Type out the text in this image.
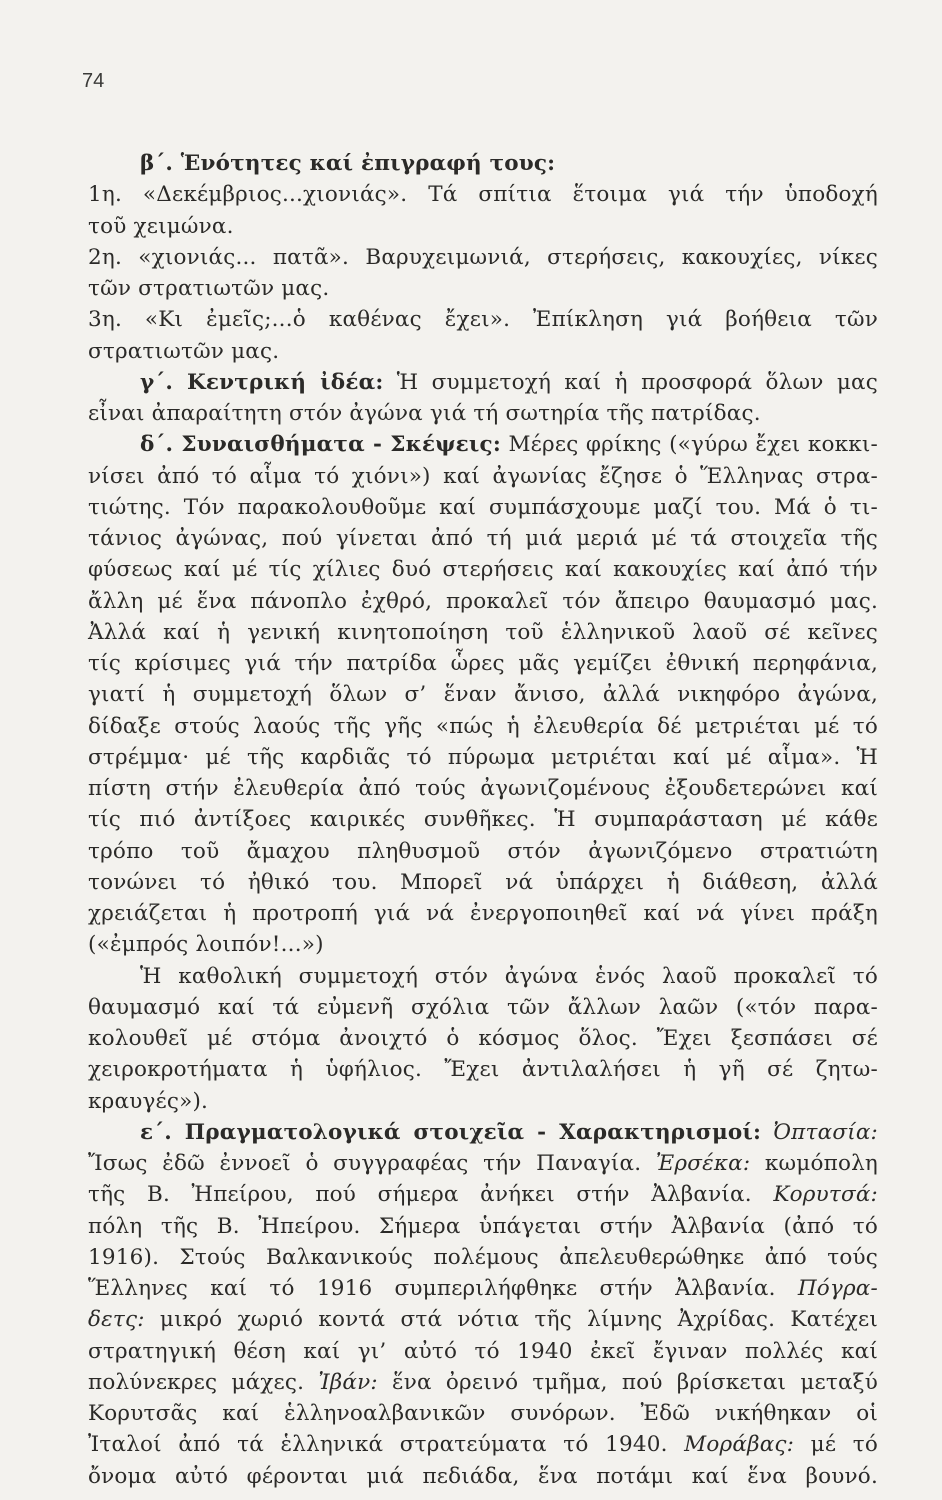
74
β΄. Ἑνότητες καί ἐπιγραφή τους:
1η. «Δεκέμβριος...χιονιάς». Τά σπίτια ἕτοιμα γιά τήν ὑποδοχή
τοῦ χειμώνα.
2η. «χιονιάς... πατᾶ». Βαρυχειμωνιά, στερήσεις, κακουχίες, νίκες
τῶν στρατιωτῶν μας.
3η. «Κι ἐμεῖς;...ὁ καθένας ἔχει». Ἐπίκληση γιά βοήθεια τῶν
στρατιωτῶν μας.
γ΄. Κεντρική ἰδέα: Ἡ συμμετοχή καί ἡ προσφορά ὅλων μας
εἶναι ἀπαραίτητη στόν ἀγώνα γιά τή σωτηρία τῆς πατρίδας.
δ΄. Συναισθήματα - Σκέψεις: Μέρες φρίκης («γύρω ἔχει κοκκι-
νίσει ἀπό τό αἷμα τό χιόνι») καί ἀγωνίας ἔζησε ὁ Ἕλληνας στρα-
τιώτης. Τόν παρακολουθοῦμε καί συμπάσχουμε μαζί του. Μά ὁ τι-
τάνιος ἀγώνας, πού γίνεται ἀπό τή μιά μεριά μέ τά στοιχεῖα τῆς
φύσεως καί μέ τίς χίλιες δυό στερήσεις καί κακουχίες καί ἀπό τήν
ἄλλη μέ ἕνα πάνοπλο ἐχθρό, προκαλεῖ τόν ἄπειρο θαυμασμό μας.
Ἀλλά καί ἡ γενική κινητοποίηση τοῦ ἑλληνικοῦ λαοῦ σέ κεῖνες
τίς κρίσιμες γιά τήν πατρίδα ὧρες μᾶς γεμίζει ἐθνική περηφάνια,
γιατί ἡ συμμετοχή ὅλων σ’ ἕναν ἄνισο, ἀλλά νικηφόρο ἀγώνα,
δίδαξε στούς λαούς τῆς γῆς «πώς ἡ ἐλευθερία δέ μετριέται μέ τό
στρέμμα· μέ τῆς καρδιᾶς τό πύρωμα μετριέται καί μέ αἷμα». Ἡ
πίστη στήν ἐλευθερία ἀπό τούς ἀγωνιζομένους ἐξουδετερώνει καί
τίς πιό ἀντίξοες καιρικές συνθῆκες. Ἡ συμπαράσταση μέ κάθε
τρόπο τοῦ ἄμαχου πληθυσμοῦ στόν ἀγωνιζόμενο στρατιώτη
τονώνει τό ἠθικό του. Μπορεῖ νά ὑπάρχει ἡ διάθεση, ἀλλά
χρειάζεται ἡ προτροπή γιά νά ἐνεργοποιηθεῖ καί νά γίνει πράξη
(«ἐμπρός λοιπόν!...»)
Ἡ καθολική συμμετοχή στόν ἀγώνα ἑνός λαοῦ προκαλεῖ τό
θαυμασμό καί τά εὐμενῆ σχόλια τῶν ἄλλων λαῶν («τόν παρα-
κολουθεῖ μέ στόμα ἀνοιχτό ὁ κόσμος ὅλος. Ἔχει ξεσπάσει σέ
χειροκροτήματα ἡ ὑφήλιος. Ἔχει ἀντιλαλήσει ἡ γῆ σέ ζητω-
κραυγές»).
ε΄. Πραγματολογικά στοιχεῖα - Χαρακτηρισμοί: Ὀπτασία:
Ἴσως ἐδῶ ἐννοεῖ ὁ συγγραφέας τήν Παναγία. Ἐρσέκα: κωμόπολη
τῆς Β. Ἠπείρου, πού σήμερα ἀνήκει στήν Ἀλβανία. Κορυτσά:
πόλη τῆς Β. Ἠπείρου. Σήμερα ὑπάγεται στήν Ἀλβανία (ἀπό τό
1916). Στούς Βαλκανικούς πολέμους ἀπελευθερώθηκε ἀπό τούς
Ἕλληνες καί τό 1916 συμπεριλήφθηκε στήν Ἀλβανία. Πόγρα-
δετς: μικρό χωριό κοντά στά νότια τῆς λίμνης Ἀχρίδας. Κατέχει
στρατηγική θέση καί γι’ αὐτό τό 1940 ἐκεῖ ἔγιναν πολλές καί
πολύνεκρες μάχες. Ἰβάν: ἕνα ὀρεινό τμῆμα, πού βρίσκεται μεταξύ
Κορυτσᾶς καί ἑλληνοαλβανικῶν συνόρων. Ἐδῶ νικήθηκαν οἱ
Ἰταλοί ἀπό τά ἑλληνικά στρατεύματα τό 1940. Μοράβας: μέ τό
ὄνομα αὐτό φέρονται μιά πεδιάδα, ἕνα ποτάμι καί ἕνα βουνό.
